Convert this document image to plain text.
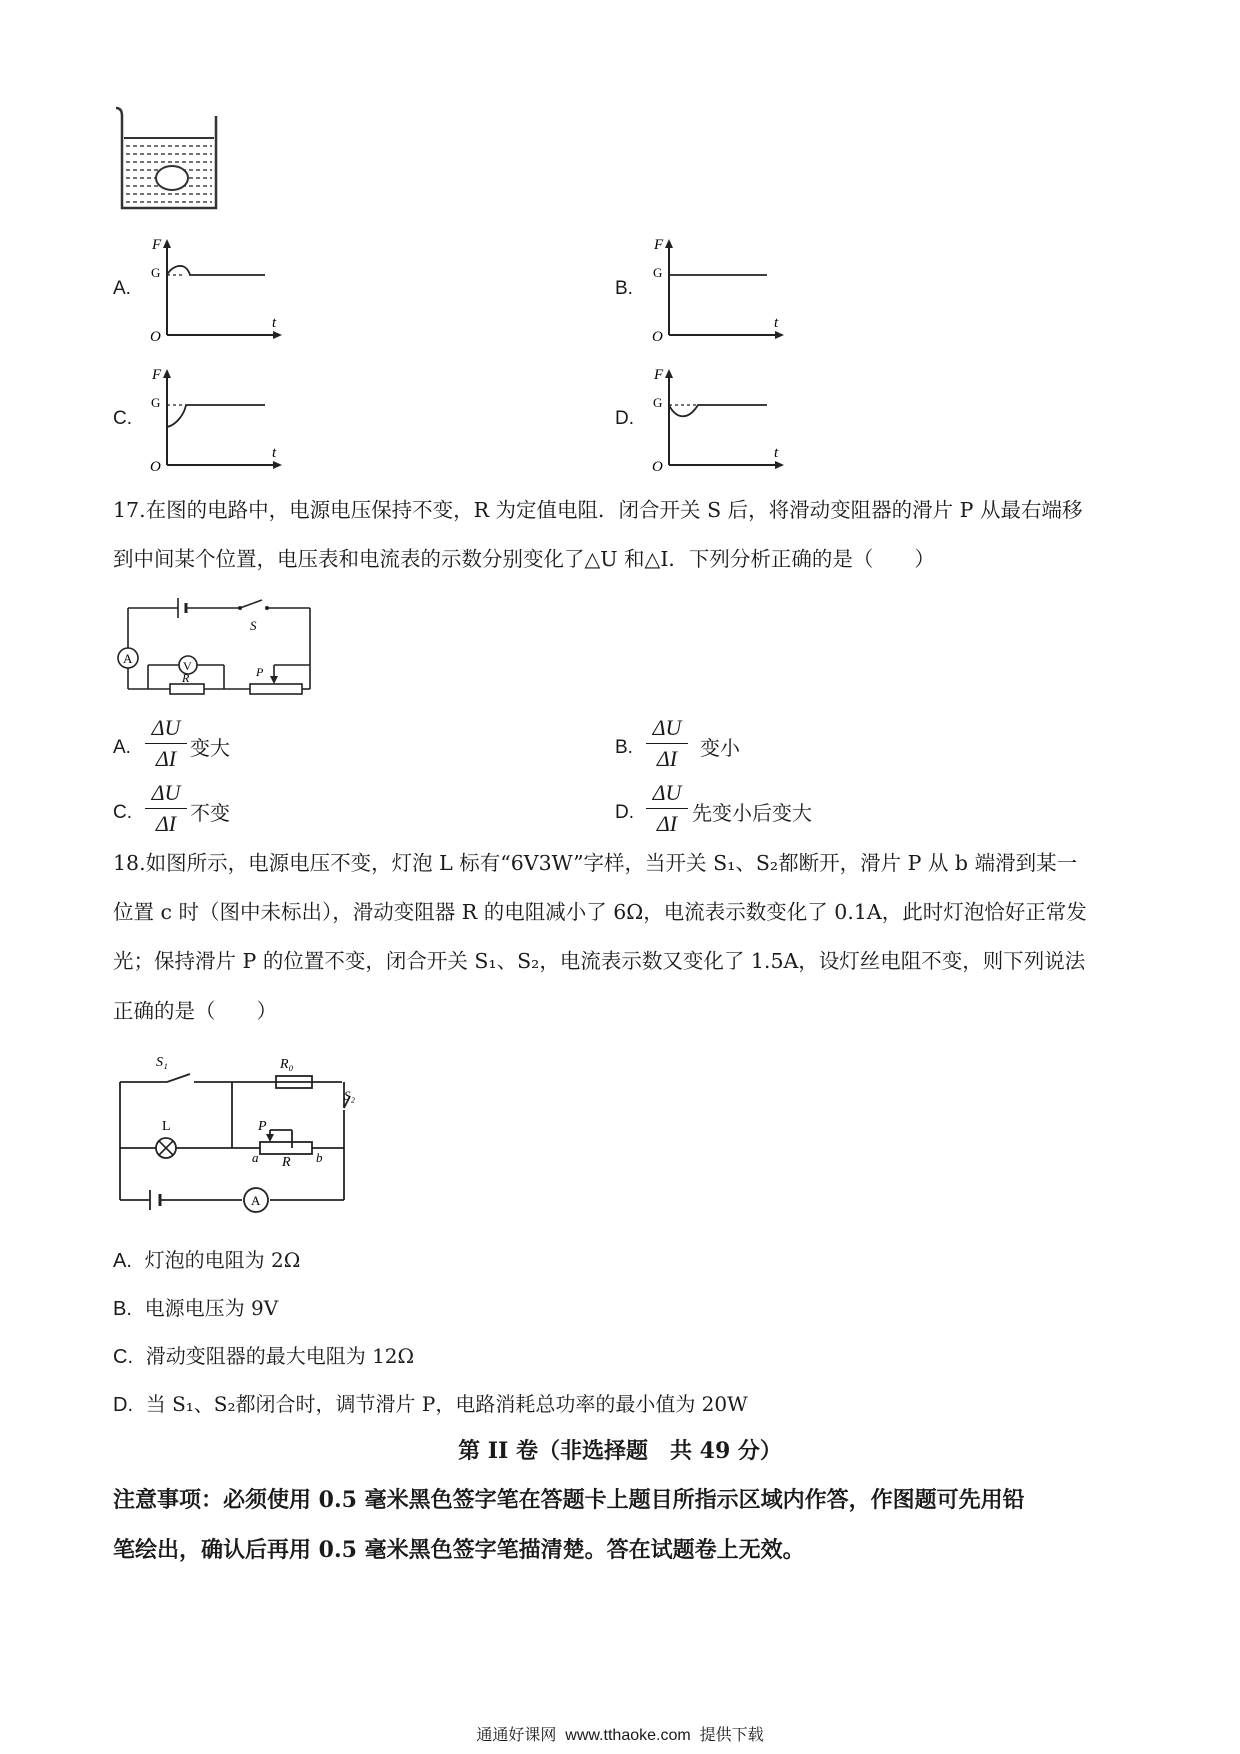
A.
F
t
O
G
B.
F
t
O
G
C.
F
t
O
G
D.
F
t
O
G
17.在图的电路中，电源电压保持不变，R 为定值电阻．闭合开关 S 后，将滑动变阻器的滑片 P 从最右端移
到中间某个位置，电压表和电流表的示数分别变化了△U 和△I．下列分析正确的是（　　）
A	V
S
R	P
A.
ΔU
ΔI 变大	B.
ΔU
ΔI	变小
C.
ΔU
ΔI 不变	D.
ΔU
ΔI 先变小后变大
18.如图所示，电源电压不变，灯泡 L 标有“6V3W”字样，当开关 S₁、S₂都断开，滑片 P 从 b 端滑到某一
位置 c 时（图中未标出），滑动变阻器 R 的电阻减小了 6Ω，电流表示数变化了 0.1A，此时灯泡恰好正常发
光；保持滑片 P 的位置不变，闭合开关 S₁、S₂，电流表示数又变化了 1.5A，设灯丝电阻不变，则下列说法
正确的是（　　）
S₁
S₂
R₀
L	P
a R b
A
A. 灯泡的电阻为 2Ω
B. 电源电压为 9V
C. 滑动变阻器的最大电阻为 12Ω
D. 当 S₁、S₂都闭合时，调节滑片 P，电路消耗总功率的最小值为 20W
第 II 卷（非选择题　共 49 分）
注意事项：必须使用 0.5 毫米黑色签字笔在答题卡上题目所指示区域内作答，作图题可先用铅
笔绘出，确认后再用 0.5 毫米黑色签字笔描清楚。答在试题卷上无效。
通通好课网  www.tthaoke.com  提供下载
